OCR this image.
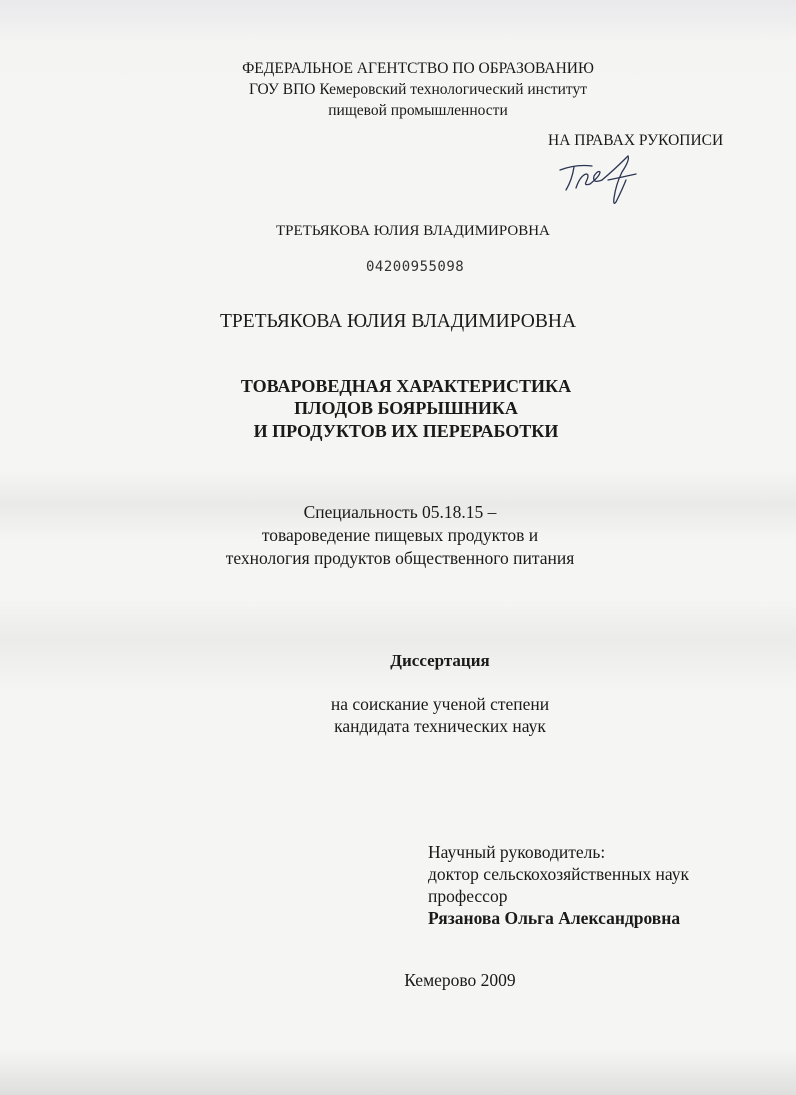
ФЕДЕРАЛЬНОЕ АГЕНТСТВО ПО ОБРАЗОВАНИЮ
ГОУ ВПО Кемеровский технологический институт
пищевой промышленности
НА ПРАВАХ РУКОПИСИ
ТРЕТЬЯКОВА ЮЛИЯ ВЛАДИМИРОВНА
04200955098
ТРЕТЬЯКОВА ЮЛИЯ ВЛАДИМИРОВНА
ТОВАРОВЕДНАЯ ХАРАКТЕРИСТИКА
ПЛОДОВ БОЯРЫШНИКА
И ПРОДУКТОВ ИХ ПЕРЕРАБОТКИ
Специальность 05.18.15 –
товароведение пищевых продуктов и
технология продуктов общественного питания
Диссертация
на соискание ученой степени
кандидата технических наук
Научный руководитель:
доктор сельскохозяйственных наук
профессор
Рязанова Ольга Александровна
Кемерово 2009
